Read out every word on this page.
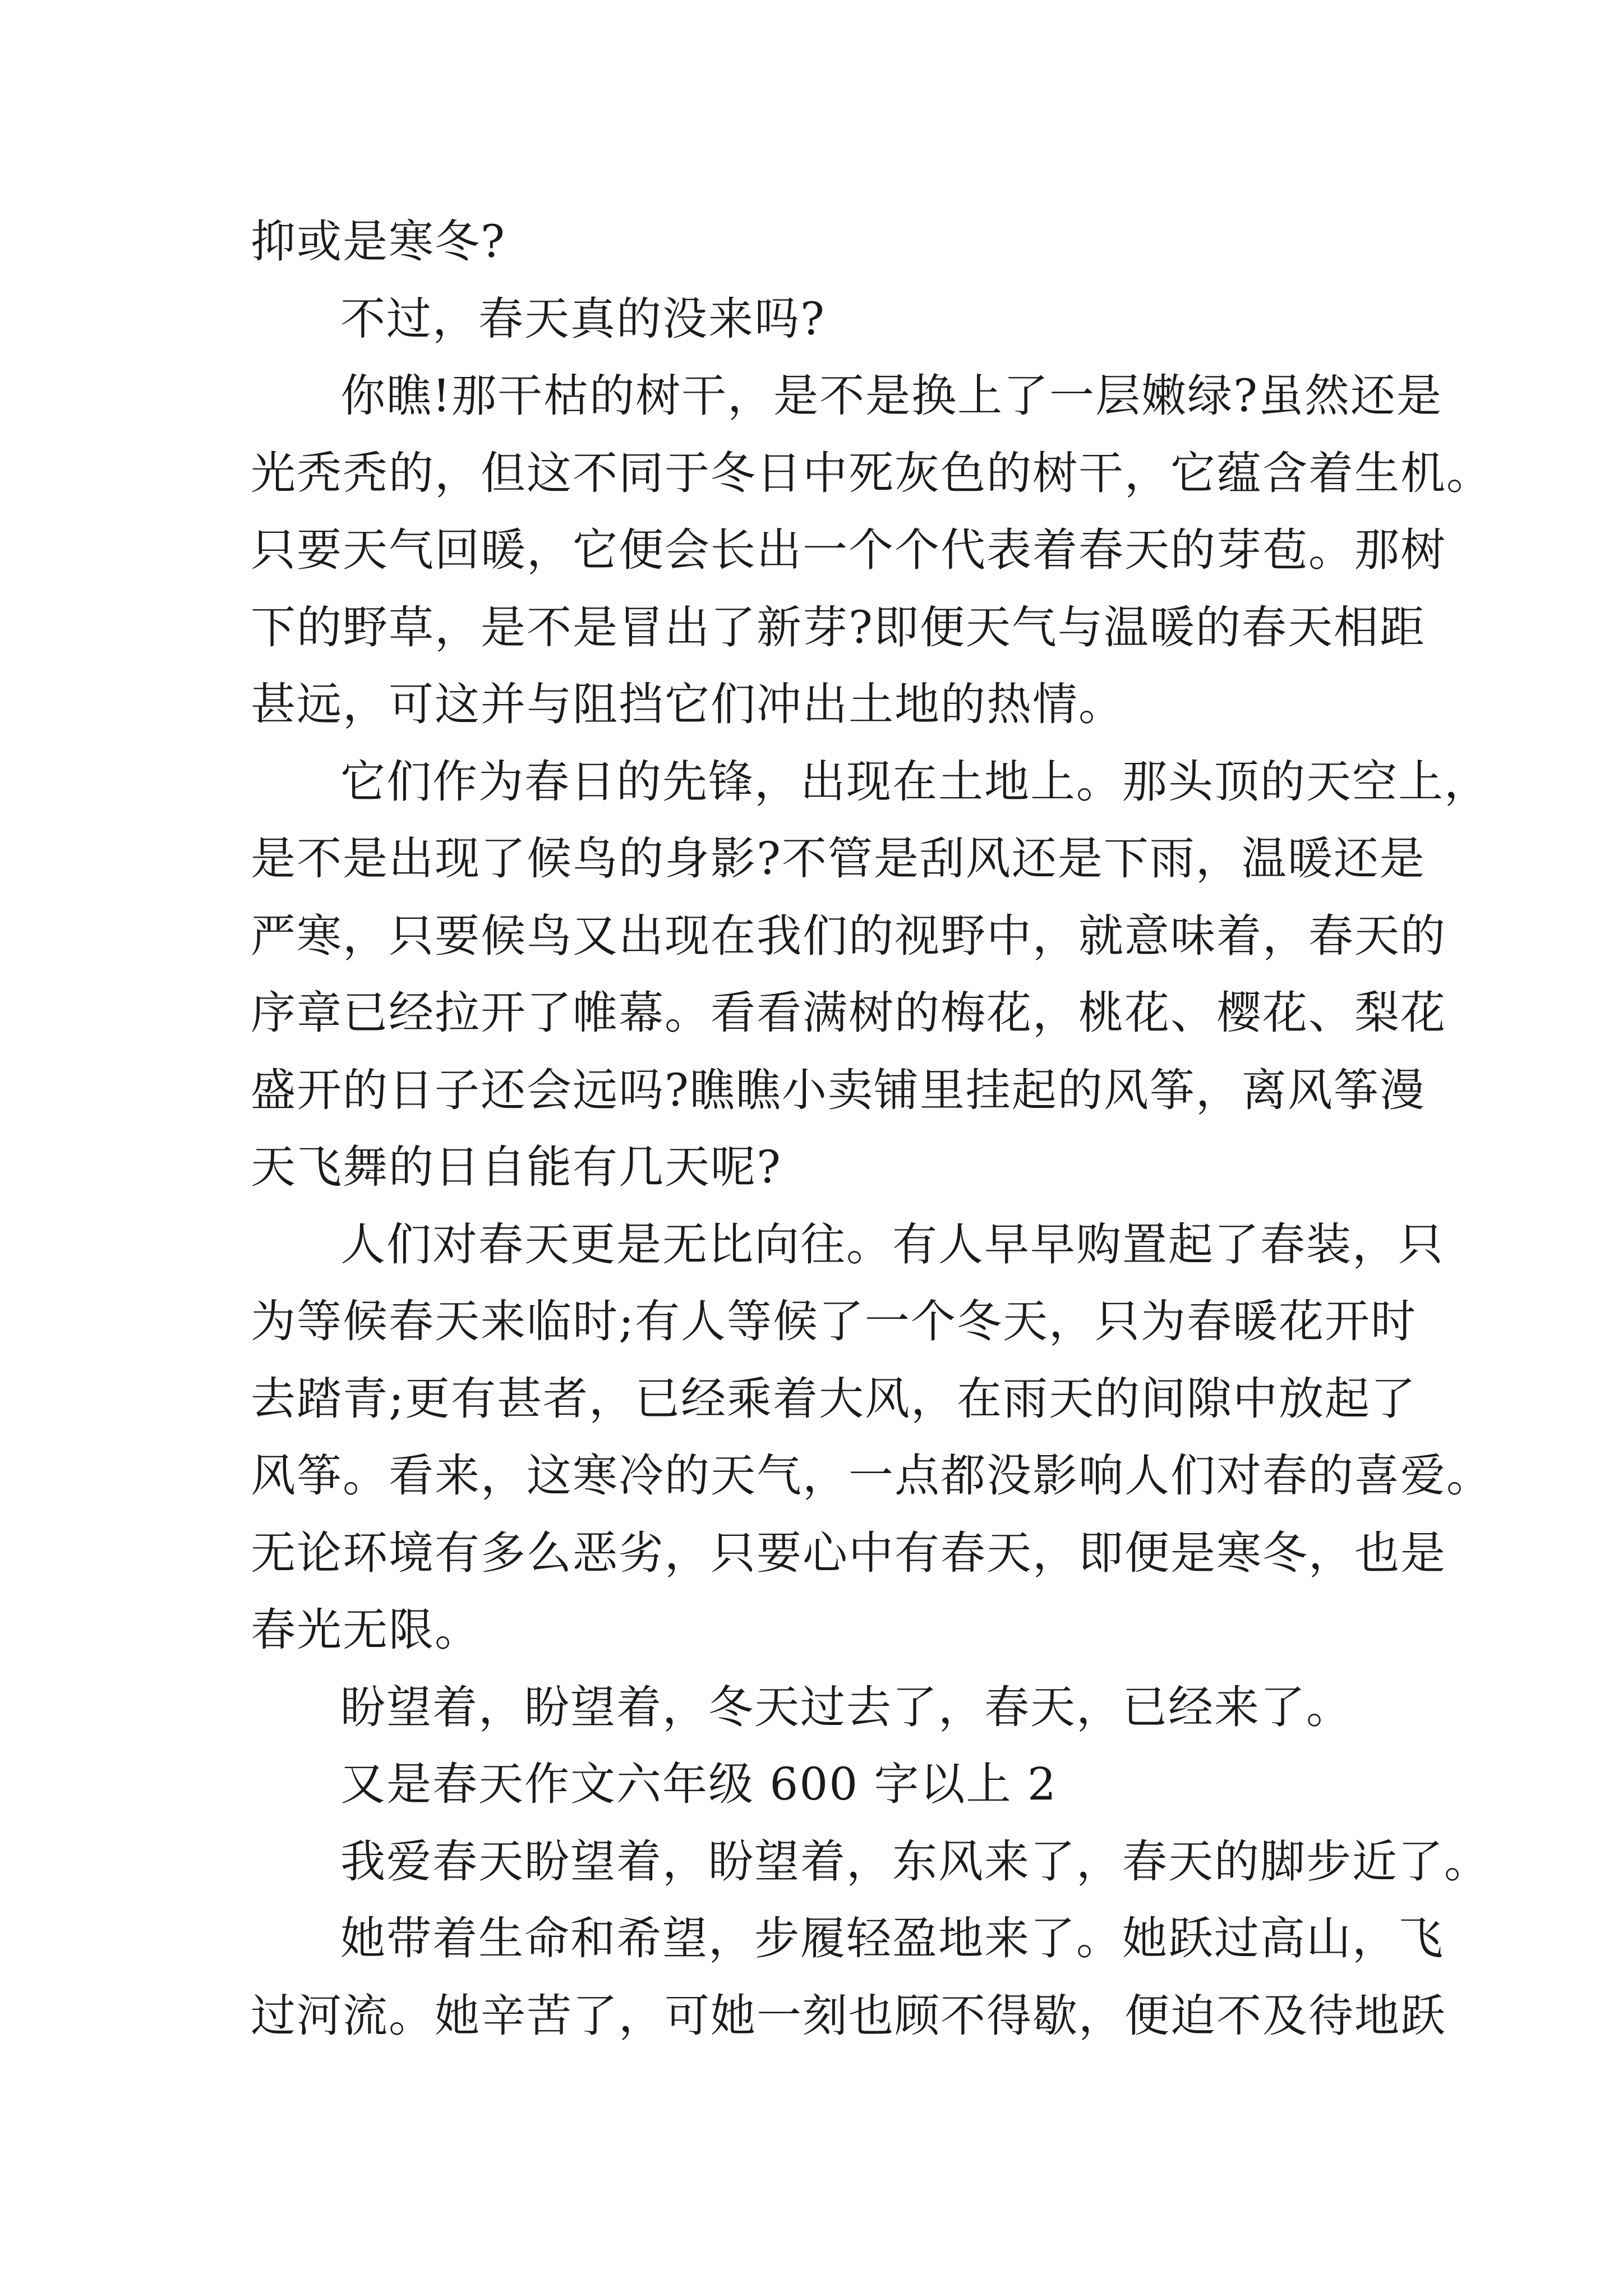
抑或是寒冬?
不过，春天真的没来吗?
你瞧!那干枯的树干，是不是换上了一层嫩绿?虽然还是
光秃秃的，但这不同于冬日中死灰色的树干，它蕴含着生机。
只要天气回暖，它便会长出一个个代表着春天的芽苞。那树
下的野草，是不是冒出了新芽?即便天气与温暖的春天相距
甚远，可这并与阻挡它们冲出土地的热情。
它们作为春日的先锋，出现在土地上。那头顶的天空上，
是不是出现了候鸟的身影?不管是刮风还是下雨，温暖还是
严寒，只要候鸟又出现在我们的视野中，就意味着，春天的
序章已经拉开了帷幕。看看满树的梅花，桃花、樱花、梨花
盛开的日子还会远吗?瞧瞧小卖铺里挂起的风筝，离风筝漫
天飞舞的日自能有几天呢?
人们对春天更是无比向往。有人早早购置起了春装，只
为等候春天来临时;有人等候了一个冬天，只为春暖花开时
去踏青;更有甚者，已经乘着大风，在雨天的间隙中放起了
风筝。看来，这寒冷的天气，一点都没影响人们对春的喜爱。
无论环境有多么恶劣，只要心中有春天，即便是寒冬，也是
春光无限。
盼望着，盼望着，冬天过去了，春天，已经来了。
又是春天作文六年级 600 字以上 2
我爱春天盼望着，盼望着，东风来了，春天的脚步近了。
她带着生命和希望，步履轻盈地来了。她跃过高山，飞
过河流。她辛苦了，可她一刻也顾不得歇，便迫不及待地跃
